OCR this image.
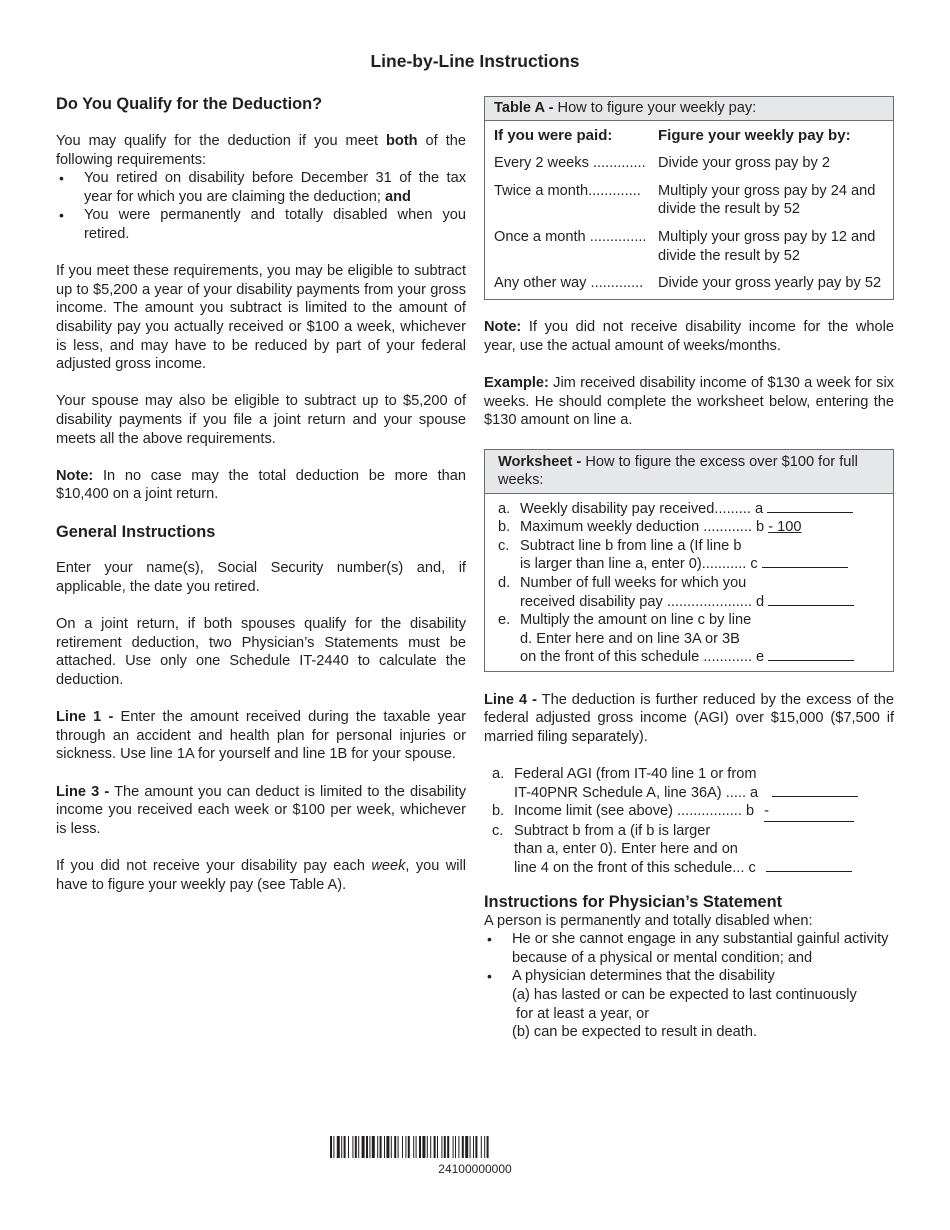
Line-by-Line Instructions
Do You Qualify for the Deduction?

You may qualify for the deduction if you meet both of the following requirements:

• You retired on disability before December 31 of the tax year for which you are claiming the deduction; and
• You were permanently and totally disabled when you retired.

If you meet these requirements, you may be eligible to subtract up to $5,200 a year of your disability payments from your gross income. The amount you subtract is limited to the amount of disability pay you actually received or $100 a week, whichever is less, and may have to be reduced by part of your federal adjusted gross income.

Your spouse may also be eligible to subtract up to $5,200 of disability payments if you file a joint return and your spouse meets all the above requirements.

Note: In no case may the total deduction be more than $10,400 on a joint return.

General Instructions

Enter your name(s), Social Security number(s) and, if applicable, the date you retired.

On a joint return, if both spouses qualify for the disability retirement deduction, two Physician’s Statements must be attached. Use only one Schedule IT-2440 to calculate the deduction.

Line 1 - Enter the amount received during the taxable year through an accident and health plan for personal injuries or sickness. Use line 1A for yourself and line 1B for your spouse.

Line 3 - The amount you can deduct is limited to the disability income you received each week or $100 per week, whichever is less.

If you did not receive your disability pay each week, you will have to figure your weekly pay (see Table A).

Table A - How to figure your weekly pay:
If you were paid:	Figure your weekly pay by:
Every 2 weeks ............. Divide your gross pay by 2
Twice a month.............	Multiply your gross pay by 24 and divide the result by 52
Once a month .............. Multiply your gross pay by 12 and divide the result by 52
Any other way .............	Divide your gross yearly pay by 52

Note: If you did not receive disability income for the whole year, use the actual amount of weeks/months.

Example: Jim received disability income of $130 a week for six weeks. He should complete the worksheet below, entering the $130 amount on line a.

Worksheet - How to figure the excess over $100 for full weeks:
a. Weekly disability pay received......... a
b. Maximum weekly deduction ............ b - 100
c. Subtract line b from line a (If line b
is larger than line a, enter 0)........... c
d. Number of full weeks for which you
received disability pay ..................... d
e. Multiply the amount on line c by line
d. Enter here and on line 3A or 3B
on the front of this schedule ............ e

Line 4 - The deduction is further reduced by the excess of the federal adjusted gross income (AGI) over $15,000 ($7,500 if married filing separately).

a. Federal AGI (from IT-40 line 1 or from
IT-40PNR Schedule A, line 36A) ..... a
b. Income limit (see above) ................ b -
c. Subtract b from a (if b is larger
than a, enter 0). Enter here and on
line 4 on the front of this schedule... c
Instructions for Physician’s Statement

A person is permanently and totally disabled when:

• He or she cannot engage in any substantial gainful activity because of a physical or mental condition; and
• A physician determines that the disability
(a) has lasted or can be expected to last continuously
for at least a year, or
(b) can be expected to result in death.
24100000000
